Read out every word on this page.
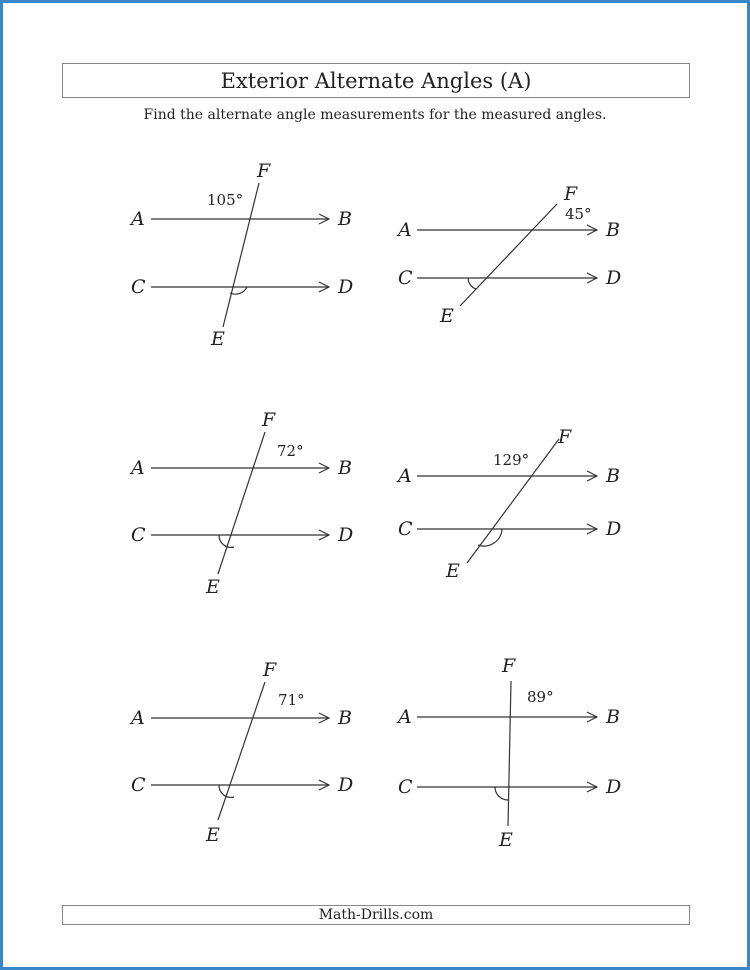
Exterior Alternate Angles (A)
Find the alternate angle measurements for the measured angles.
A	B
C	D
E
F
105°
A	B
C	D
E
F
45°
A	B
C	D
E
F
72°
A	B
C	D
E
F
129°
A	B
C	D
E
F
71°
A	B
C	D
E
F
89°
Math-Drills.com
